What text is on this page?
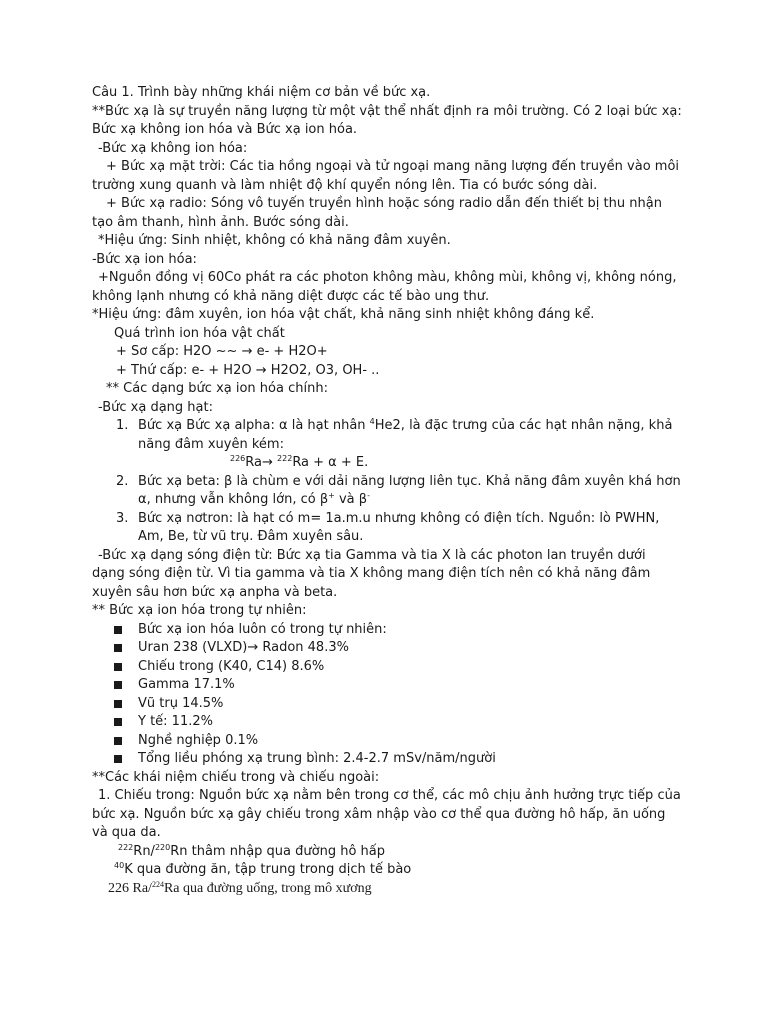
Câu 1. Trình bày những khái niệm cơ bản về bức xạ.

**Bức xạ là sự truyền năng lượng từ một vật thể nhất định ra môi trường. Có 2 loại bức xạ: Bức xạ không ion hóa và Bức xạ ion hóa.

-Bức xạ không ion hóa:

+ Bức xạ mặt trời: Các tia hồng ngoại và tử ngoại mang năng lượng đến truyền vào môi trường xung quanh và làm nhiệt độ khí quyển nóng lên. Tia có bước sóng dài.

+ Bức xạ radio: Sóng vô tuyến truyền hình hoặc sóng radio dẫn đến thiết bị thu nhận tạo âm thanh, hình ảnh. Bước sóng dài.

*Hiệu ứng: Sinh nhiệt, không có khả năng đâm xuyên.

-Bức xạ ion hóa:

+Nguồn đồng vị 60Co phát ra các photon không màu, không mùi, không vị, không nóng, không lạnh nhưng có khả năng diệt được các tế bào ung thư.

*Hiệu ứng: đâm xuyên, ion hóa vật chất, khả năng sinh nhiệt không đáng kể.

Quá trình ion hóa vật chất

+ Sơ cấp: H2O ~~ → e- + H2O+

+ Thứ cấp: e- + H2O → H2O2, O3, OH- ..

** Các dạng bức xạ ion hóa chính:

-Bức xạ dạng hạt:

1. Bức xạ Bức xạ alpha: α là hạt nhân $^4$He2, là đặc trưng của các hạt nhân nặng, khả năng đâm xuyên kém:
$^{226}$Ra→ $^{222}$Ra + α + E.
2. Bức xạ beta: β là chùm e với dải năng lượng liên tục. Khả năng đâm xuyên khá hơn α, nhưng vẫn không lớn, có β+ và β-
3. Bức xạ nơtron: là hạt có m= 1a.m.u nhưng không có điện tích. Nguồn: lò PWHN, Am, Be, từ vũ trụ. Đâm xuyên sâu.

-Bức xạ dạng sóng điện từ: Bức xạ tia Gamma và tia X là các photon lan truyền dưới dạng sóng điện từ. Vì tia gamma và tia X không mang điện tích nên có khả năng đâm xuyên sâu hơn bức xạ anpha và beta.

** Bức xạ ion hóa trong tự nhiên:

Bức xạ ion hóa luôn có trong tự nhiên:
Uran 238 (VLXD)→ Radon 48.3%
Chiếu trong (K40, C14) 8.6%
Gamma 17.1%
Vũ trụ 14.5%
Y tế: 11.2%
Nghề nghiệp 0.1%
Tổng liều phóng xạ trung bình: 2.4-2.7 mSv/năm/người

**Các khái niệm chiếu trong và chiếu ngoài:

1. Chiếu trong: Nguồn bức xạ nằm bên trong cơ thể, các mô chịu ảnh hưởng trực tiếp của bức xạ. Nguồn bức xạ gây chiếu trong xâm nhập vào cơ thể qua đường hô hấp, ăn uống và qua da.

$^{222}$Rn/$^{220}$Rn thâm nhập qua đường hô hấp

$^{40}$K qua đường ăn, tập trung trong dịch tế bào

226 Ra/$^{224}$Ra qua đường uống, trong mô xương
